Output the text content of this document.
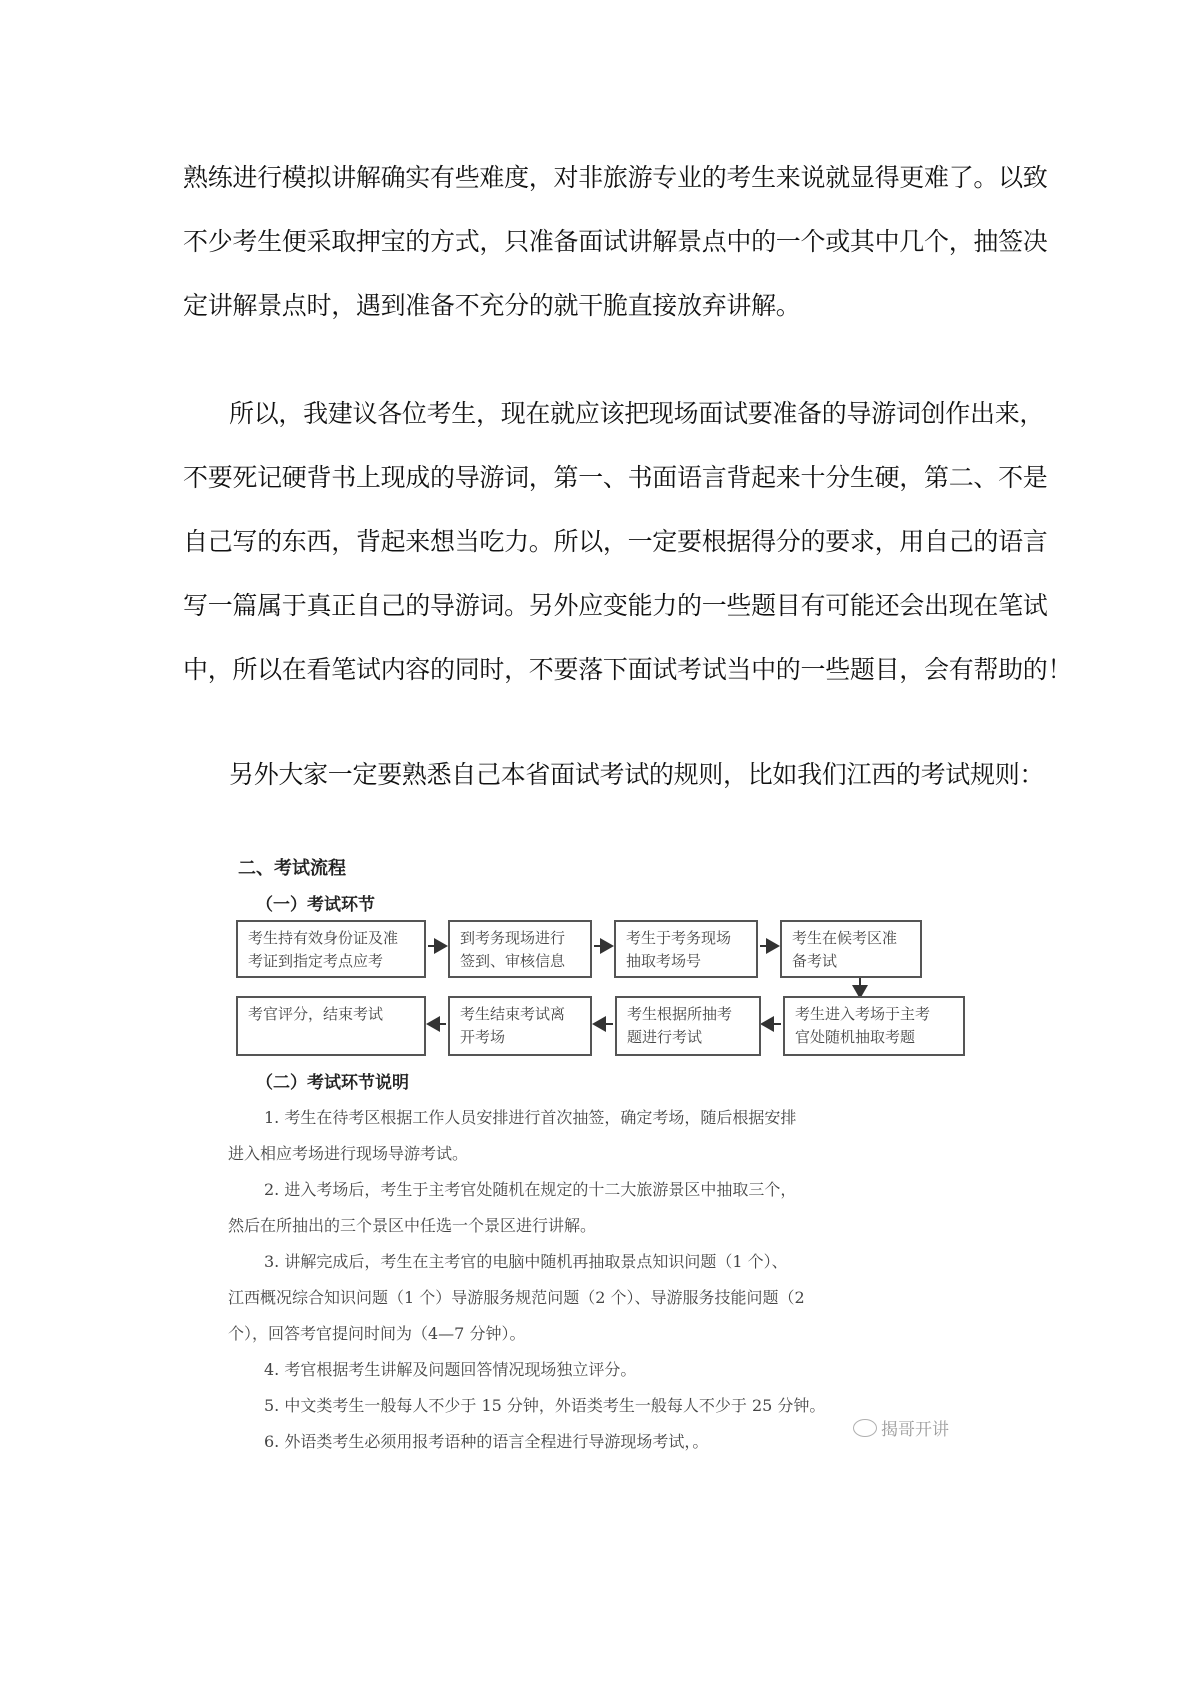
熟练进行模拟讲解确实有些难度，对非旅游专业的考生来说就显得更难了。以致
不少考生便采取押宝的方式，只准备面试讲解景点中的一个或其中几个，抽签决
定讲解景点时，遇到准备不充分的就干脆直接放弃讲解。

所以，我建议各位考生，现在就应该把现场面试要准备的导游词创作出来，
不要死记硬背书上现成的导游词，第一、书面语言背起来十分生硬，第二、不是
自己写的东西，背起来想当吃力。所以，一定要根据得分的要求，用自己的语言
写一篇属于真正自己的导游词。另外应变能力的一些题目有可能还会出现在笔试
中，所以在看笔试内容的同时，不要落下面试考试当中的一些题目，会有帮助的！

另外大家一定要熟悉自己本省面试考试的规则，比如我们江西的考试规则：

二、考试流程
（一）考试环节
考生持有效身份证及准
考证到指定考点应考
到考务现场进行
签到、审核信息
考生于考务现场
抽取考场号
考生在候考区准
备考试
考官评分，结束考试	考生结束考试离
开考场
考生根据所抽考
题进行考试
考生进入考场于主考
官处随机抽取考题
（二）考试环节说明
1. 考生在待考区根据工作人员安排进行首次抽签，确定考场，随后根据安排
进入相应考场进行现场导游考试。
2. 进入考场后，考生于主考官处随机在规定的十二大旅游景区中抽取三个，
然后在所抽出的三个景区中任选一个景区进行讲解。
3. 讲解完成后，考生在主考官的电脑中随机再抽取景点知识问题（1 个）、
江西概况综合知识问题（1 个）导游服务规范问题（2 个）、导游服务技能问题（2
个），回答考官提问时间为（4—7 分钟）。
4. 考官根据考生讲解及问题回答情况现场独立评分。
5. 中文类考生一般每人不少于 15 分钟，外语类考生一般每人不少于 25 分钟。
6. 外语类考生必须用报考语种的语言全程进行导游现场考试，。
揭哥开讲
